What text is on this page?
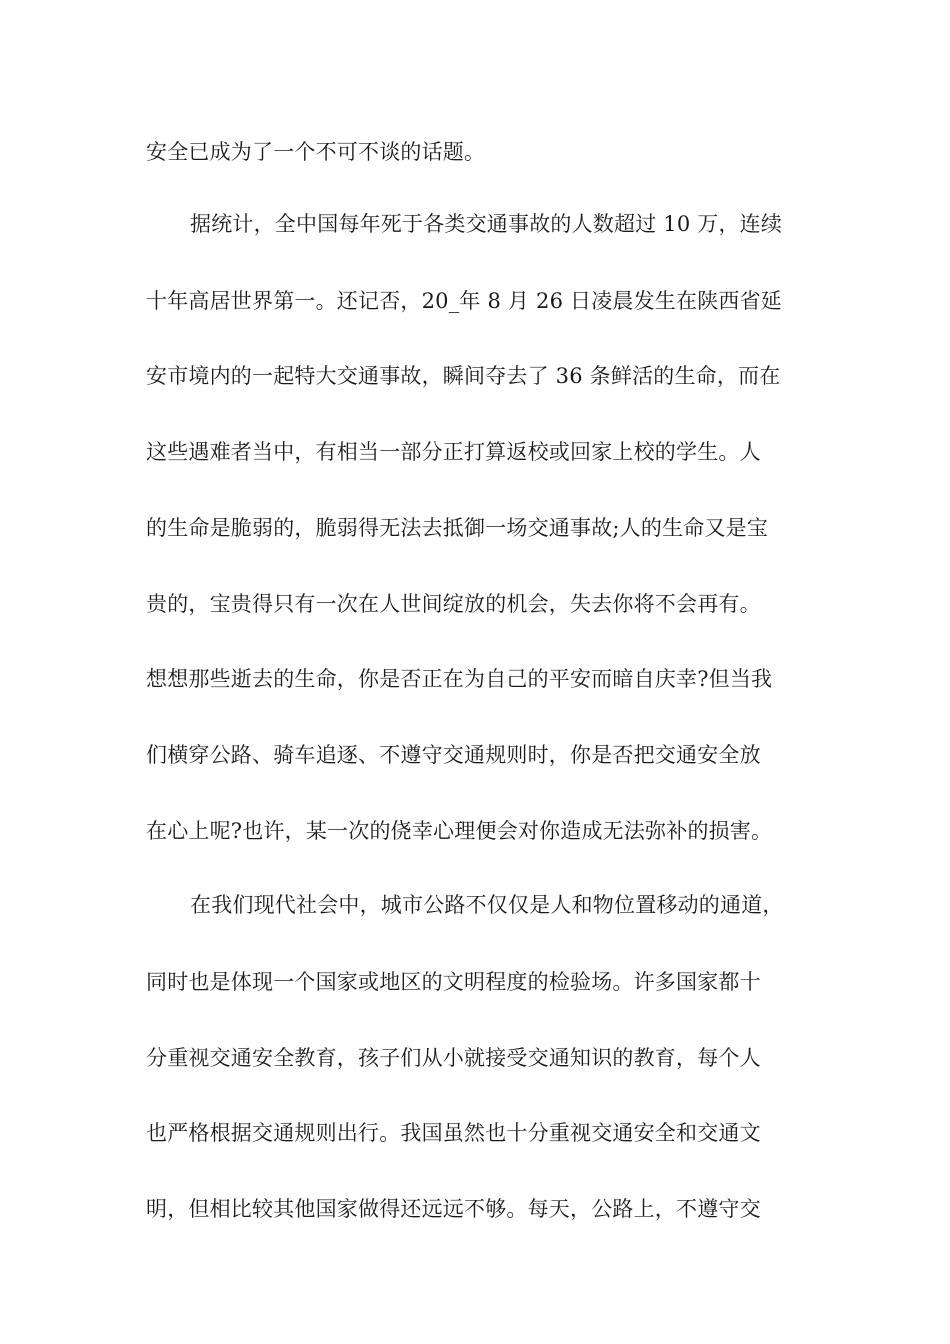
安全已成为了一个不可不谈的话题。
据统计，全中国每年死于各类交通事故的人数超过 10 万，连续
十年高居世界第一。还记否，20_年 8 月 26 日凌晨发生在陕西省延
安市境内的一起特大交通事故，瞬间夺去了 36 条鲜活的生命，而在
这些遇难者当中，有相当一部分正打算返校或回家上校的学生。人
的生命是脆弱的，脆弱得无法去抵御一场交通事故;人的生命又是宝
贵的，宝贵得只有一次在人世间绽放的机会，失去你将不会再有。
想想那些逝去的生命，你是否正在为自己的平安而暗自庆幸?但当我
们横穿公路、骑车追逐、不遵守交通规则时，你是否把交通安全放
在心上呢?也许，某一次的侥幸心理便会对你造成无法弥补的损害。
在我们现代社会中，城市公路不仅仅是人和物位置移动的通道，
同时也是体现一个国家或地区的文明程度的检验场。许多国家都十
分重视交通安全教育，孩子们从小就接受交通知识的教育，每个人
也严格根据交通规则出行。我国虽然也十分重视交通安全和交通文
明，但相比较其他国家做得还远远不够。每天，公路上，不遵守交
